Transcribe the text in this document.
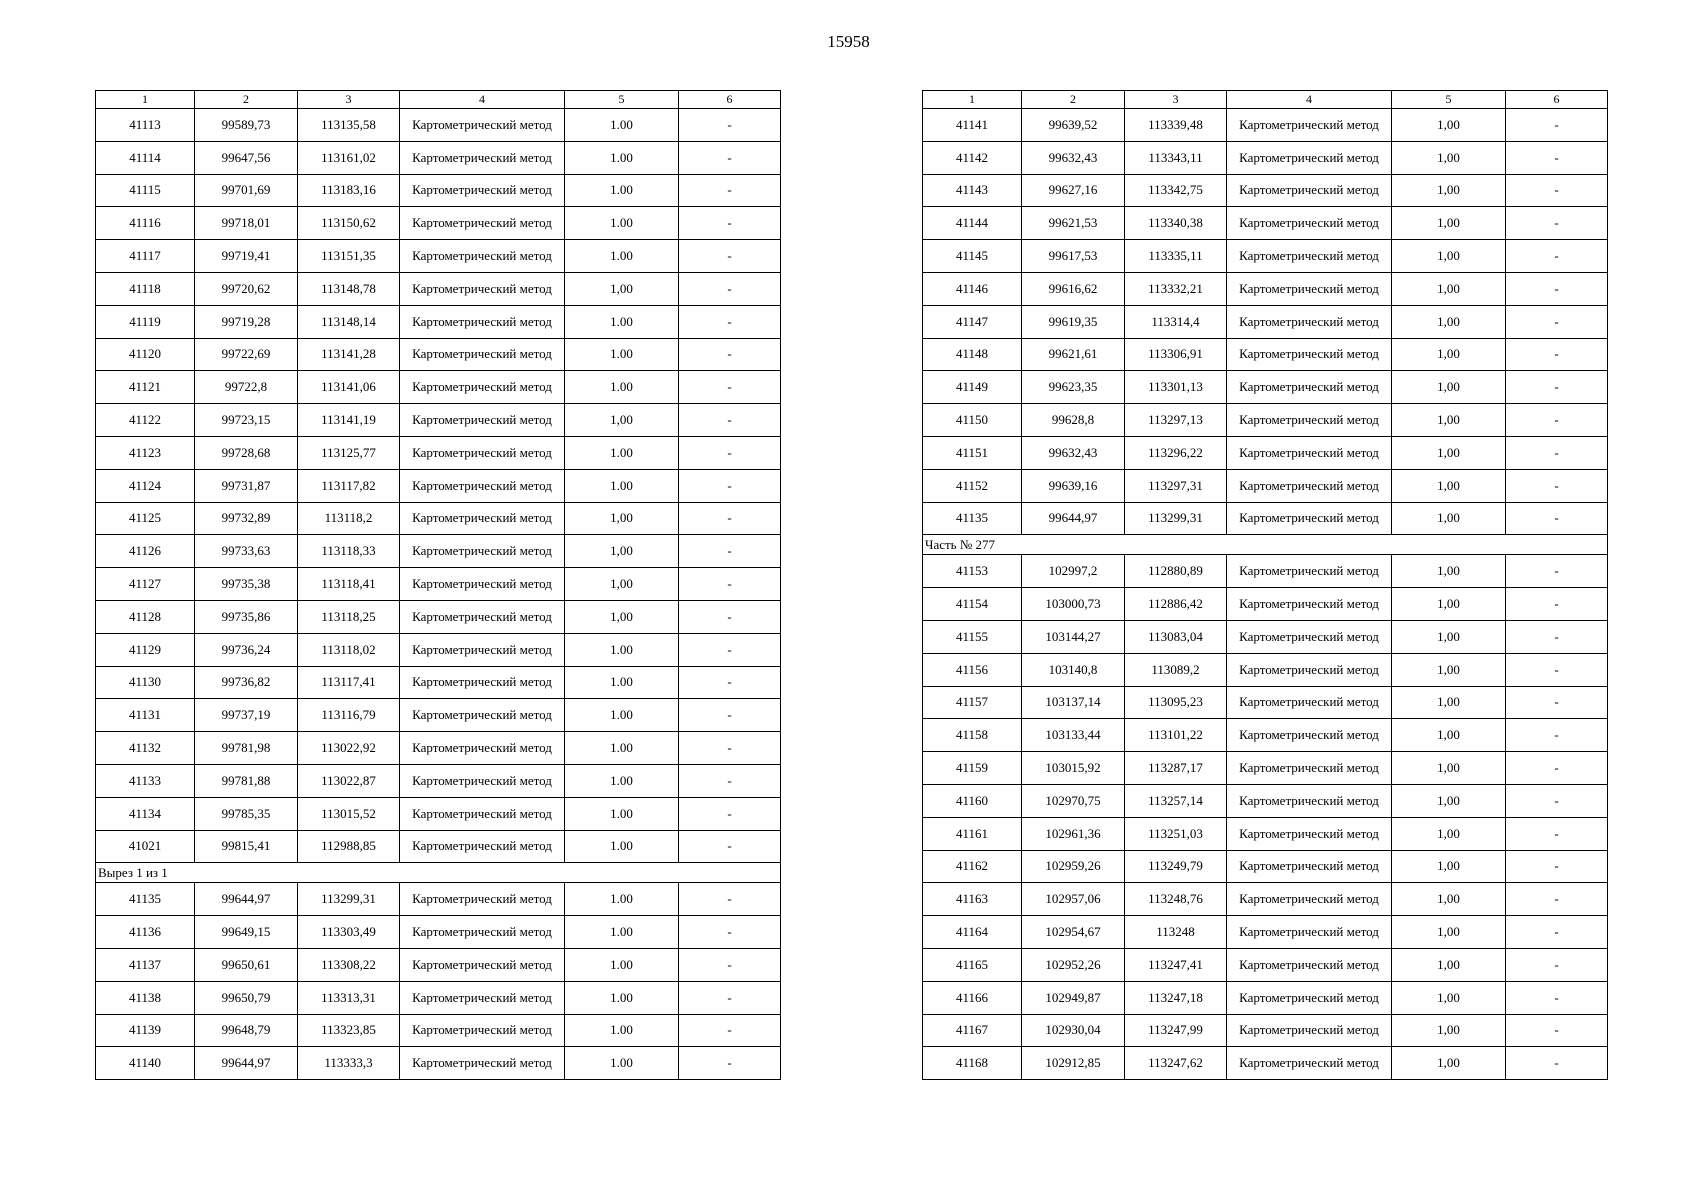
15958
1	2	3	4	5	6
41113	99589,73	113135,58	Картометрический метод	1.00	-
41114	99647,56	113161,02	Картометрический метод	1.00	-
41115	99701,69	113183,16	Картометрический метод	1.00	-
41116	99718,01	113150,62	Картометрический метод	1.00	-
41117	99719,41	113151,35	Картометрический метод	1.00	-
41118	99720,62	113148,78	Картометрический метод	1,00	-
41119	99719,28	113148,14	Картометрический метод	1.00	-
41120	99722,69	113141,28	Картометрический метод	1.00	-
41121	99722,8	113141,06	Картометрический метод	1.00	-
41122	99723,15	113141,19	Картометрический метод	1,00	-
41123	99728,68	113125,77	Картометрический метод	1.00	-
41124	99731,87	113117,82	Картометрический метод	1.00	-
41125	99732,89	113118,2	Картометрический метод	1,00	-
41126	99733,63	113118,33	Картометрический метод	1,00	-
41127	99735,38	113118,41	Картометрический метод	1,00	-
41128	99735,86	113118,25	Картометрический метод	1,00	-
41129	99736,24	113118,02	Картометрический метод	1.00	-
41130	99736,82	113117,41	Картометрический метод	1.00	-
41131	99737,19	113116,79	Картометрический метод	1.00	-
41132	99781,98	113022,92	Картометрический метод	1.00	-
41133	99781,88	113022,87	Картометрический метод	1.00	-
41134	99785,35	113015,52	Картометрический метод	1.00	-
41021	99815,41	112988,85	Картометрический метод	1.00	-
Вырез 1 из 1					
41135	99644,97	113299,31	Картометрический метод	1.00	-
41136	99649,15	113303,49	Картометрический метод	1.00	-
41137	99650,61	113308,22	Картометрический метод	1.00	-
41138	99650,79	113313,31	Картометрический метод	1.00	-
41139	99648,79	113323,85	Картометрический метод	1.00	-
41140	99644,97	113333,3	Картометрический метод	1.00	-
1	2	3	4	5	6
41141	99639,52	113339,48	Картометрический метод	1,00	-
41142	99632,43	113343,11	Картометрический метод	1,00	-
41143	99627,16	113342,75	Картометрический метод	1,00	-
41144	99621,53	113340,38	Картометрический метод	1,00	-
41145	99617,53	113335,11	Картометрический метод	1,00	-
41146	99616,62	113332,21	Картометрический метод	1,00	-
41147	99619,35	113314,4	Картометрический метод	1,00	-
41148	99621,61	113306,91	Картометрический метод	1,00	-
41149	99623,35	113301,13	Картометрический метод	1,00	-
41150	99628,8	113297,13	Картометрический метод	1,00	-
41151	99632,43	113296,22	Картометрический метод	1,00	-
41152	99639,16	113297,31	Картометрический метод	1,00	-
41135	99644,97	113299,31	Картометрический метод	1,00	-
Часть № 277					
41153	102997,2	112880,89	Картометрический метод	1,00	-
41154	103000,73	112886,42	Картометрический метод	1,00	-
41155	103144,27	113083,04	Картометрический метод	1,00	-
41156	103140,8	113089,2	Картометрический метод	1,00	-
41157	103137,14	113095,23	Картометрический метод	1,00	-
41158	103133,44	113101,22	Картометрический метод	1,00	-
41159	103015,92	113287,17	Картометрический метод	1,00	-
41160	102970,75	113257,14	Картометрический метод	1,00	-
41161	102961,36	113251,03	Картометрический метод	1,00	-
41162	102959,26	113249,79	Картометрический метод	1,00	-
41163	102957,06	113248,76	Картометрический метод	1,00	-
41164	102954,67	113248	Картометрический метод	1,00	-
41165	102952,26	113247,41	Картометрический метод	1,00	-
41166	102949,87	113247,18	Картометрический метод	1,00	-
41167	102930,04	113247,99	Картометрический метод	1,00	-
41168	102912,85	113247,62	Картометрический метод	1,00	-
